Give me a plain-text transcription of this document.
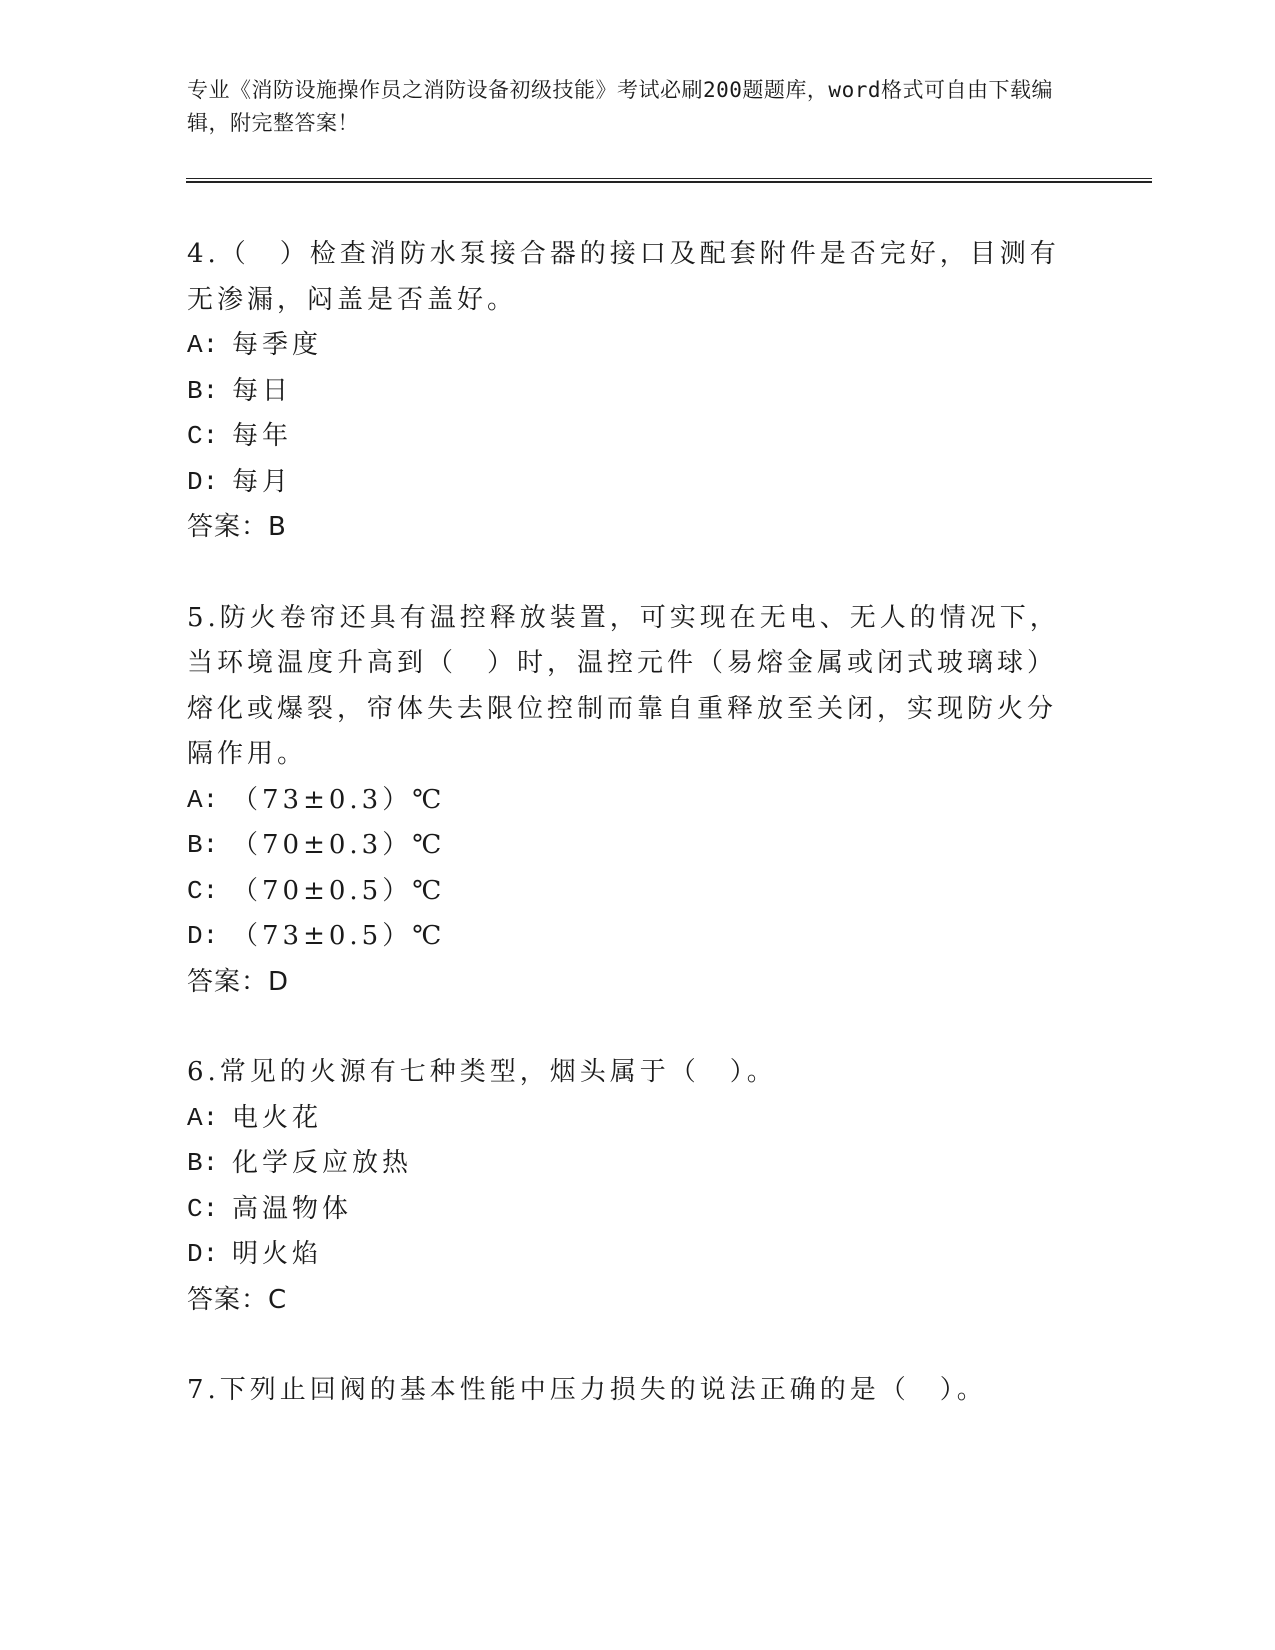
专业《消防设施操作员之消防设备初级技能》考试必刷200题题库，word格式可自由下载编辑，附完整答案！

4.（　）检查消防水泵接合器的接口及配套附件是否完好，目测有无渗漏，闷盖是否盖好。

A: 每季度
B: 每日
C: 每年
D: 每月

答案：B

5.防火卷帘还具有温控释放装置，可实现在无电、无人的情况下，当环境温度升高到（　）时，温控元件（易熔金属或闭式玻璃球）熔化或爆裂，帘体失去限位控制而靠自重释放至关闭，实现防火分隔作用。

A: （73±0.3）℃
B: （70±0.3）℃
C: （70±0.5）℃
D: （73±0.5）℃

答案：D

6.常见的火源有七种类型，烟头属于（　）。

A: 电火花
B: 化学反应放热
C: 高温物体
D: 明火焰

答案：C

7.下列止回阀的基本性能中压力损失的说法正确的是（　）。
